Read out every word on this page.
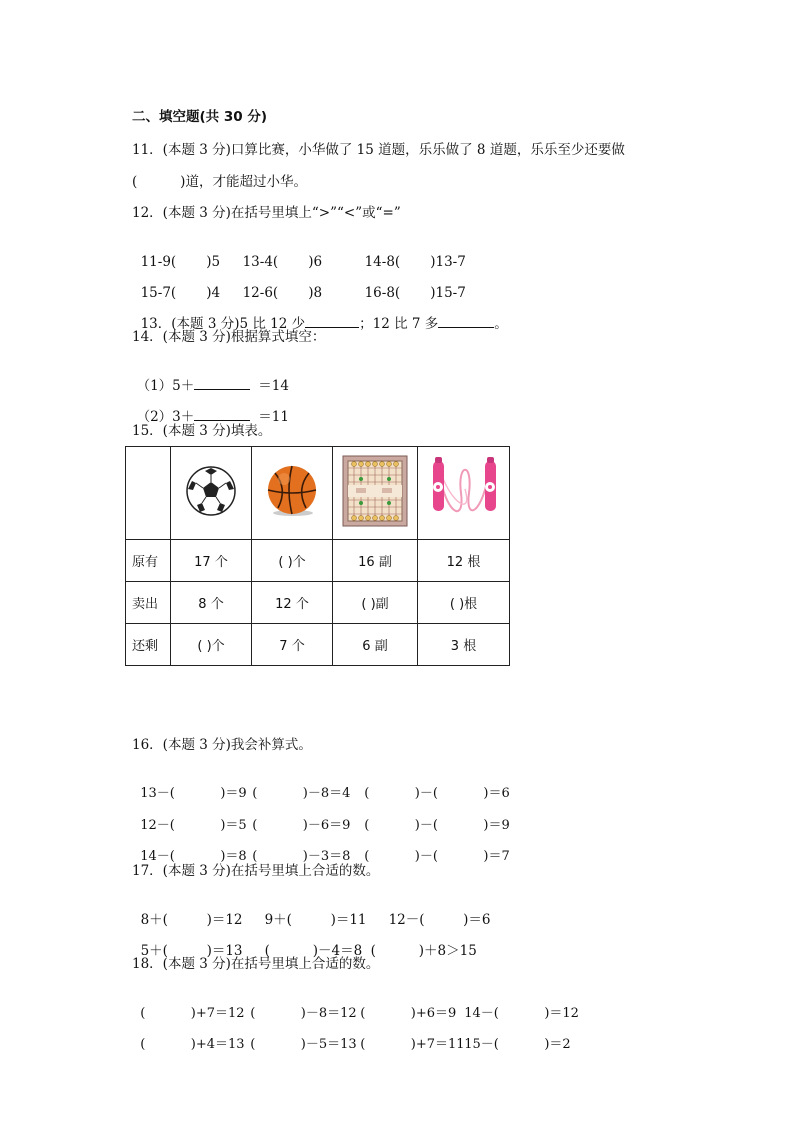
二、填空题(共 30 分)
11．(本题 3 分)口算比赛，小华做了 15 道题，乐乐做了 8 道题，乐乐至少还要做
(          )道，才能超过小华。
12．(本题 3 分)在括号里填上“>”“<”或“=”

11-9(       )5 13-4(       )6	14-8(       )13-7

15-7(       )4 12-6(       )8	16-8(       )15-7

13．(本题 3 分)5 比 12 少	；12 比 7 多	。

14．(本题 3 分)根据算式填空：

（1）5＋	＝14

（2）3＋	＝11

15．(本题 3 分)填表。

原有	17 个	( )个	16 副	12 根
卖出	8 个	12 个	( )副	( )根
还剩	( )个	7 个	6 副	3 根
16．(本题 3 分)我会补算式。

13－(           )＝9 (           )－8＝4 (           )－(           )＝6

12－(           )＝5 (           )－6＝9 (           )－(           )＝9

14－(           )＝8 (           )－3＝8 (           )－(           )＝7

17．(本题 3 分)在括号里填上合适的数。

8＋(         )＝12 9＋(         )＝11 12－(         )＝6

5＋(         )＝13 (          )－4＝8 (          )＋8＞15

18．(本题 3 分)在括号里填上合适的数。

(           )+7＝12 (           )－8＝12 (           )+6＝9 14－(           )＝12

(           )+4＝13 (           )－5＝13 (           )+7＝1115－(           )＝2
